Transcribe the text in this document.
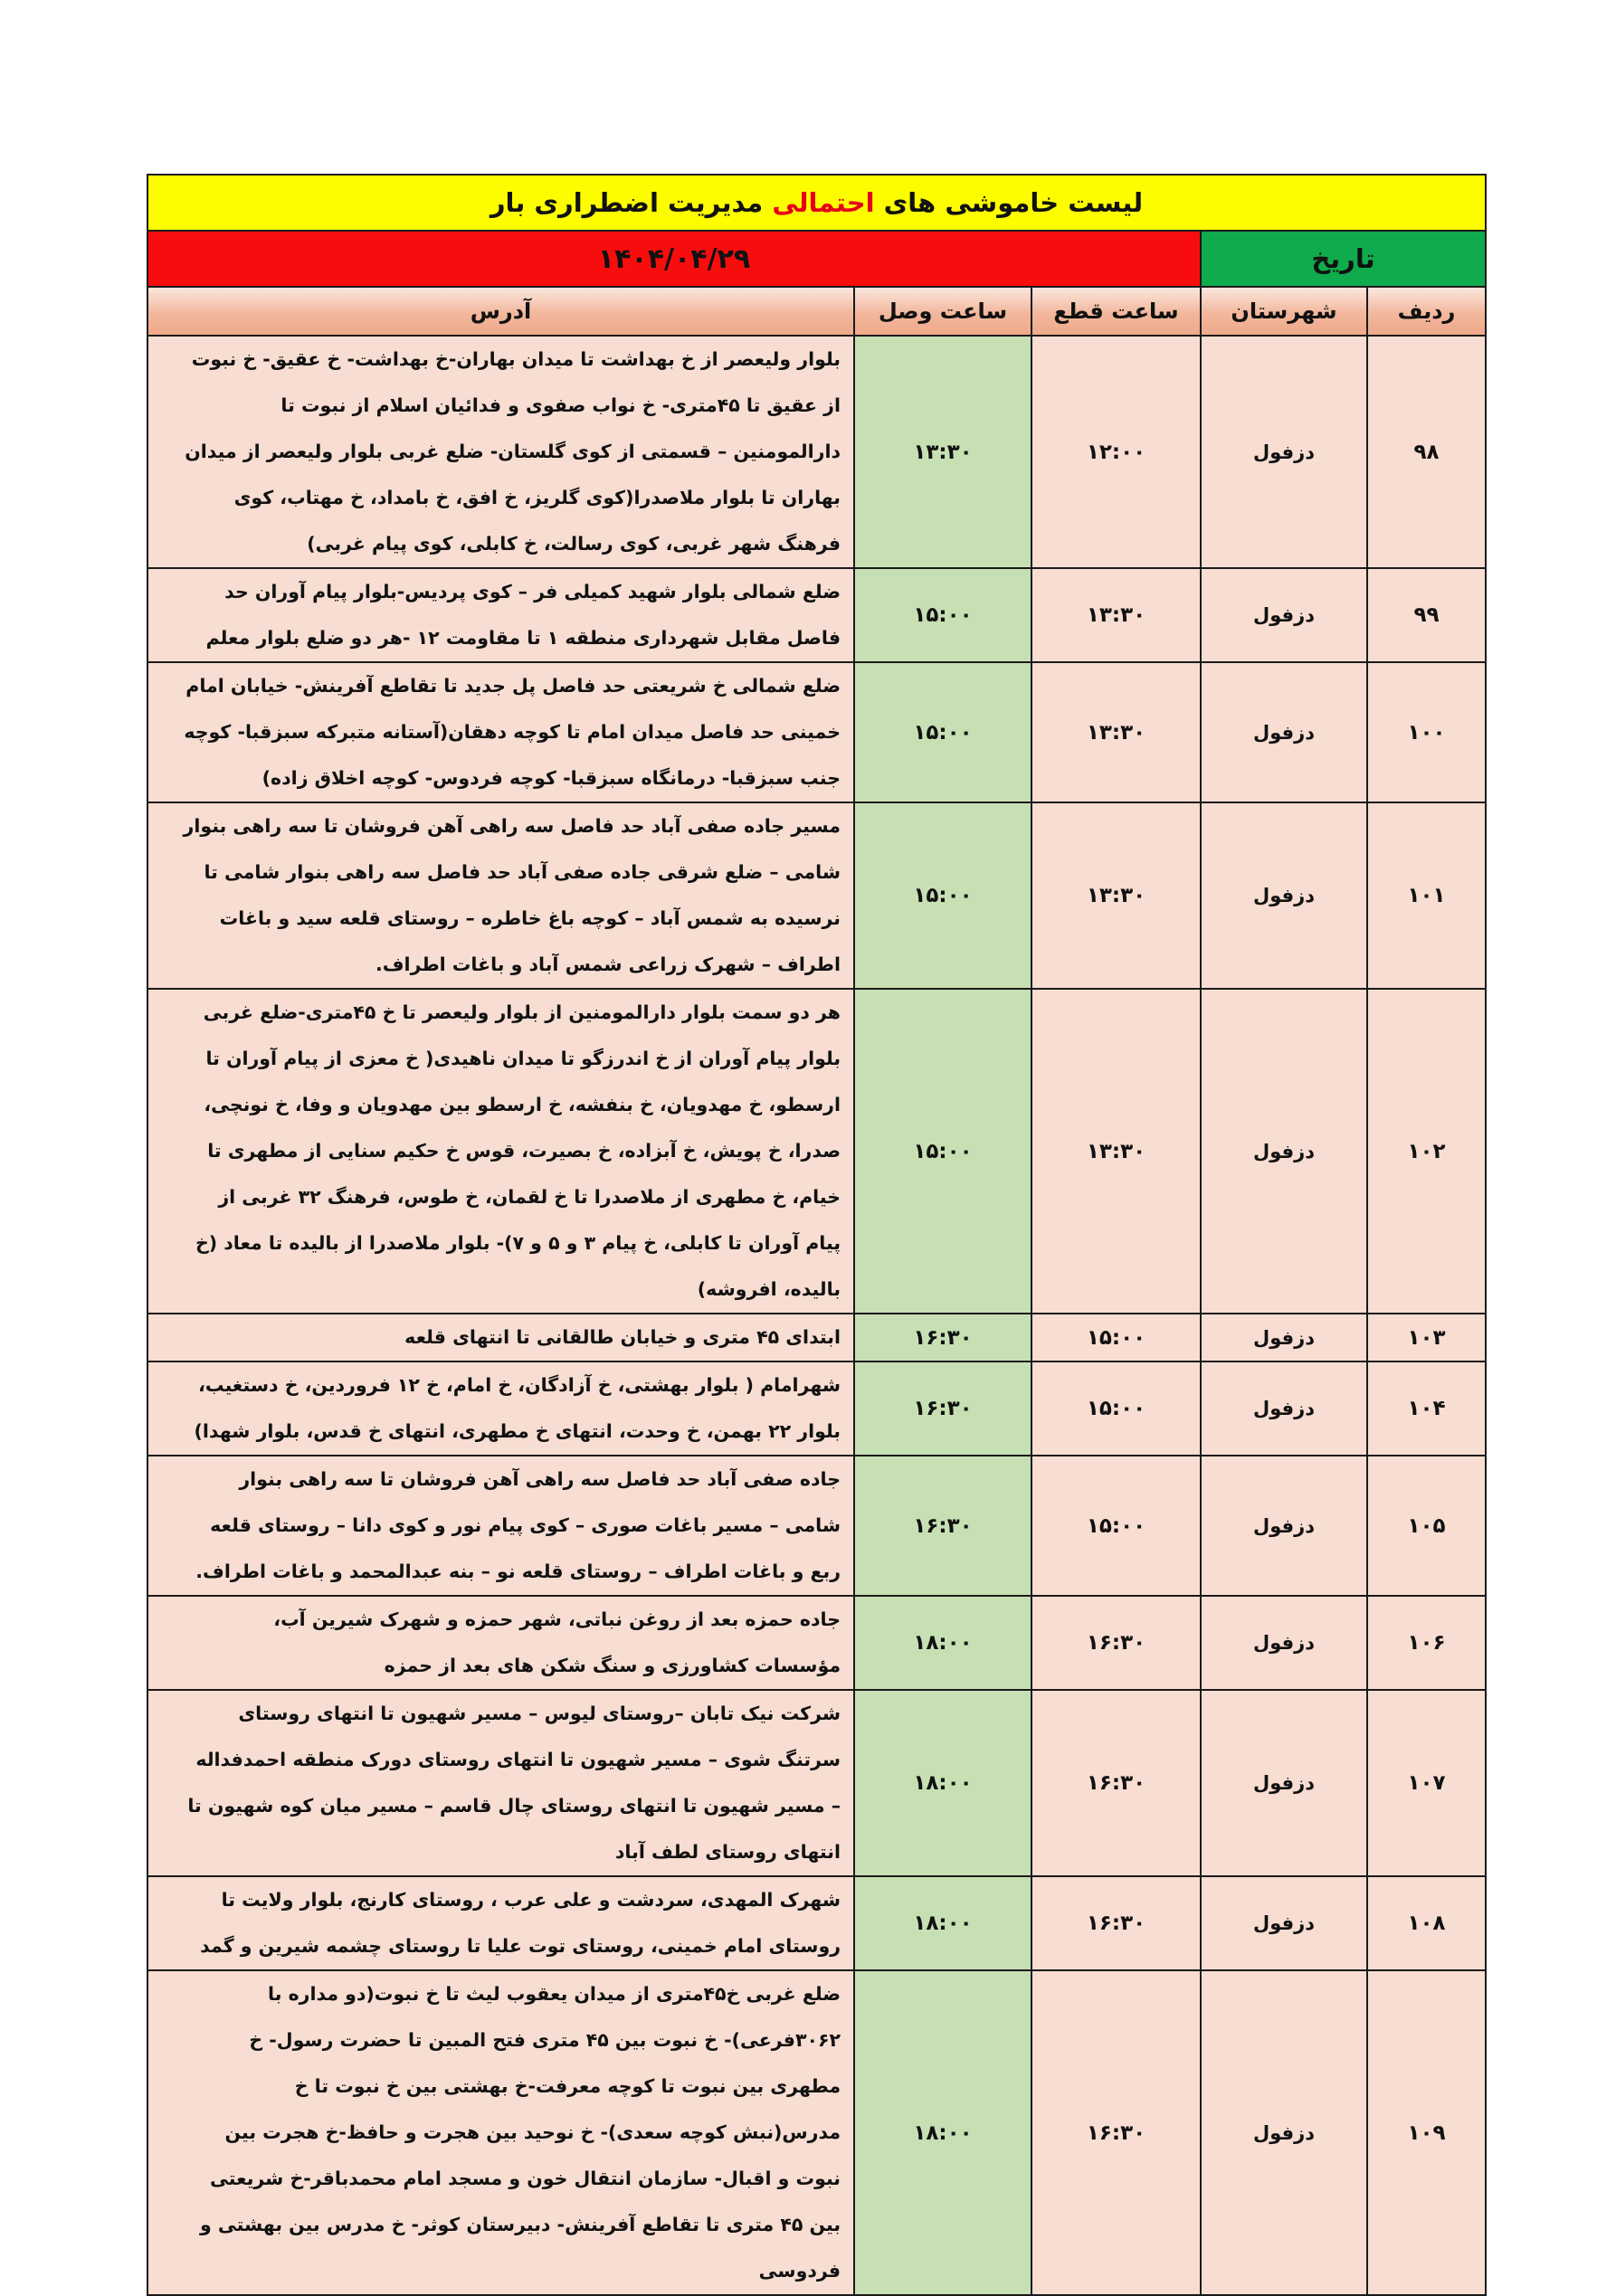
لیست خاموشی های احتمالی مدیریت اضطراری بار				
تاریخ		۱۴۰۴/۰۴/۲۹		
ردیف	شهرستان	ساعت قطع	ساعت وصل	آدرس
۹۸	دزفول	۱۲:۰۰	۱۳:۳۰	بلوار ولیعصر از خ بهداشت تا میدان بهاران-خ بهداشت- خ عقیق- خ نبوت از عقیق تا ۴۵متری- خ نواب صفوی و فدائیان اسلام از نبوت تا دارالمومنین – قسمتی از کوی گلستان- ضلع غربی بلوار ولیعصر از میدان بهاران تا بلوار ملاصدرا(کوی گلریز، خ افق، خ بامداد، خ مهتاب، کوی فرهنگ شهر غربی، کوی رسالت، خ کابلی، کوی پیام غربی)
۹۹	دزفول	۱۳:۳۰	۱۵:۰۰	ضلع شمالی بلوار شهید کمیلی فر – کوی پردیس-بلوار پیام آوران حد فاصل مقابل شهرداری منطقه ۱ تا مقاومت ۱۲ -هر دو ضلع بلوار معلم
۱۰۰	دزفول	۱۳:۳۰	۱۵:۰۰	ضلع شمالی خ شریعتی حد فاصل پل جدید تا تقاطع آفرینش- خیابان امام خمینی حد فاصل میدان امام تا کوچه دهقان(آستانه متبرکه سبزقبا- کوچه جنب سبزقبا- درمانگاه سبزقبا- کوچه فردوس- کوچه اخلاق زاده)
۱۰۱	دزفول	۱۳:۳۰	۱۵:۰۰	مسیر جاده صفی آباد حد فاصل سه راهی آهن فروشان تا سه راهی بنوار شامی – ضلع شرقی جاده صفی آباد حد فاصل سه راهی بنوار شامی تا نرسیده به شمس آباد – کوچه باغ خاطره – روستای قلعه سید و باغات اطراف – شهرک زراعی شمس آباد و باغات اطراف.
۱۰۲	دزفول	۱۳:۳۰	۱۵:۰۰	هر دو سمت بلوار دارالمومنین از بلوار ولیعصر تا خ ۴۵متری-ضلع غربی بلوار پیام آوران از خ اندرزگو تا میدان ناهیدی( خ معزی از پیام آوران تا ارسطو، خ مهدویان، خ بنفشه، خ ارسطو بین مهدویان و وفا، خ نونچی، صدرا، خ پویش، خ آبزاده، خ بصیرت، قوس خ حکیم سنایی از مطهری تا خیام، خ مطهری از ملاصدرا تا خ لقمان، خ طوس، فرهنگ ۳۲ غربی از پیام آوران تا کابلی، خ پیام ۳ و ۵ و ۷)- بلوار ملاصدرا از بالیده تا معاد (خ بالیده، افروشه)
۱۰۳	دزفول	۱۵:۰۰	۱۶:۳۰	ابتدای ۴۵ متری و خیابان طالقانی تا انتهای قلعه
۱۰۴	دزفول	۱۵:۰۰	۱۶:۳۰	شهرامام ( بلوار بهشتی، خ آزادگان، خ امام، خ ۱۲ فروردین، خ دستغیب، بلوار ۲۲ بهمن، خ وحدت، انتهای خ مطهری، انتهای خ قدس، بلوار شهدا)
۱۰۵	دزفول	۱۵:۰۰	۱۶:۳۰	جاده صفی آباد حد فاصل سه راهی آهن فروشان تا سه راهی بنوار شامی – مسیر باغات صوری – کوی پیام نور و کوی دانا – روستای قلعه ربع و باغات اطراف – روستای قلعه نو – بنه عبدالمحمد و باغات اطراف.
۱۰۶	دزفول	۱۶:۳۰	۱۸:۰۰	جاده حمزه بعد از روغن نباتی، شهر حمزه و شهرک شیرین آب، مؤسسات کشاورزی و سنگ شکن های بعد از حمزه
۱۰۷	دزفول	۱۶:۳۰	۱۸:۰۰	شرکت نیک تابان –روستای لیوس – مسیر شهیون تا انتهای روستای سرتنگ شوی – مسیر شهیون تا انتهای روستای دورک منطقه احمدفداله – مسیر شهیون تا انتهای روستای چال قاسم – مسیر میان کوه شهیون تا انتهای روستای لطف آباد
۱۰۸	دزفول	۱۶:۳۰	۱۸:۰۰	شهرک المهدی، سردشت و علی عرب ، روستای کارنج، بلوار ولایت تا روستای امام خمینی، روستای توت علیا تا روستای چشمه شیرین و گمد
۱۰۹	دزفول	۱۶:۳۰	۱۸:۰۰	ضلع غربی خ۴۵متری از میدان یعقوب لیث تا خ نبوت(دو مداره با ۳۰۶۲فرعی)- خ نبوت بین ۴۵ متری فتح المبین تا حضرت رسول- خ مطهری بین نبوت تا کوچه معرفت-خ بهشتی بین خ نبوت تا خ مدرس(نبش کوچه سعدی)- خ نوحید بین هجرت و حافظ-خ هجرت بین نبوت و اقبال- سازمان انتقال خون و مسجد امام محمدباقر-خ شریعتی بین ۴۵ متری تا تقاطع آفرینش- دبیرستان کوثر- خ مدرس بین بهشتی و فردوسی
